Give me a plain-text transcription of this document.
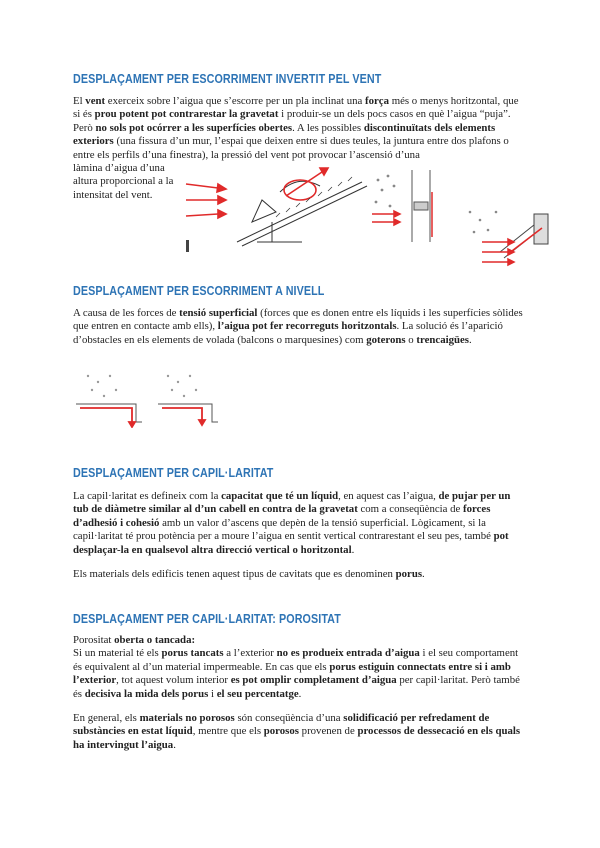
DESPLAÇAMENT PER ESCORRIMENT INVERTIT PEL VENT

El vent exerceix sobre l’aigua que s’escorre per un pla inclinat una força més o menys horitzontal, que si és prou potent pot contrarestar la gravetat i produir-se un dels pocs casos en què l’aigua “puja”. Però no sols pot ocórrer a les superfícies obertes. A les possibles discontinuïtats dels elements exteriors (una fissura d’un mur, l’espai que deixen entre si dues teules, la juntura entre dos plafons o entre els perfils d’una finestra), la pressió del vent pot provocar l’ascensió d’una

làmina d’aigua d’una altura proporcional a la intensitat del vent.

DESPLAÇAMENT PER ESCORRIMENT A NIVELL

A causa de les forces de tensió superficial (forces que es donen entre els líquids i les superfícies sòlides que entren en contacte amb ells), l’aigua pot fer recorreguts horitzontals. La solució és l’aparició d’obstacles en els elements de volada (balcons o marquesines) com goterons o trencaigües.

DESPLAÇAMENT PER CAPIL·LARITAT

La capil·laritat es defineix com la capacitat que té un líquid, en aquest cas l’aigua, de pujar per un tub de diàmetre similar al d’un cabell en contra de la gravetat com a conseqüència de forces d’adhesió i cohesió amb un valor d’ascens que depèn de la tensió superficial. Lògicament, si la capil·laritat té prou potència per a moure l’aigua en sentit vertical contrarestant el seu pes, també pot desplaçar-la en qualsevol altra direcció vertical o horitzontal.

Els materials dels edificis tenen aquest tipus de cavitats que es denominen porus.

DESPLAÇAMENT PER CAPIL·LARITAT: POROSITAT

Porositat oberta o tancada:
Si un material té els porus tancats a l’exterior no es produeix entrada d’aigua i el seu comportament és equivalent al d’un material impermeable. En cas que els porus estiguin connectats entre si i amb l’exterior, tot aquest volum interior es pot omplir completament d’aigua per capil·laritat. Però també és decisiva la mida dels porus i el seu percentatge.

En general, els materials no porosos són conseqüència d’una solidificació per refredament de substàncies en estat líquid, mentre que els porosos provenen de processos de dessecació en els quals ha intervingut l’aigua.
